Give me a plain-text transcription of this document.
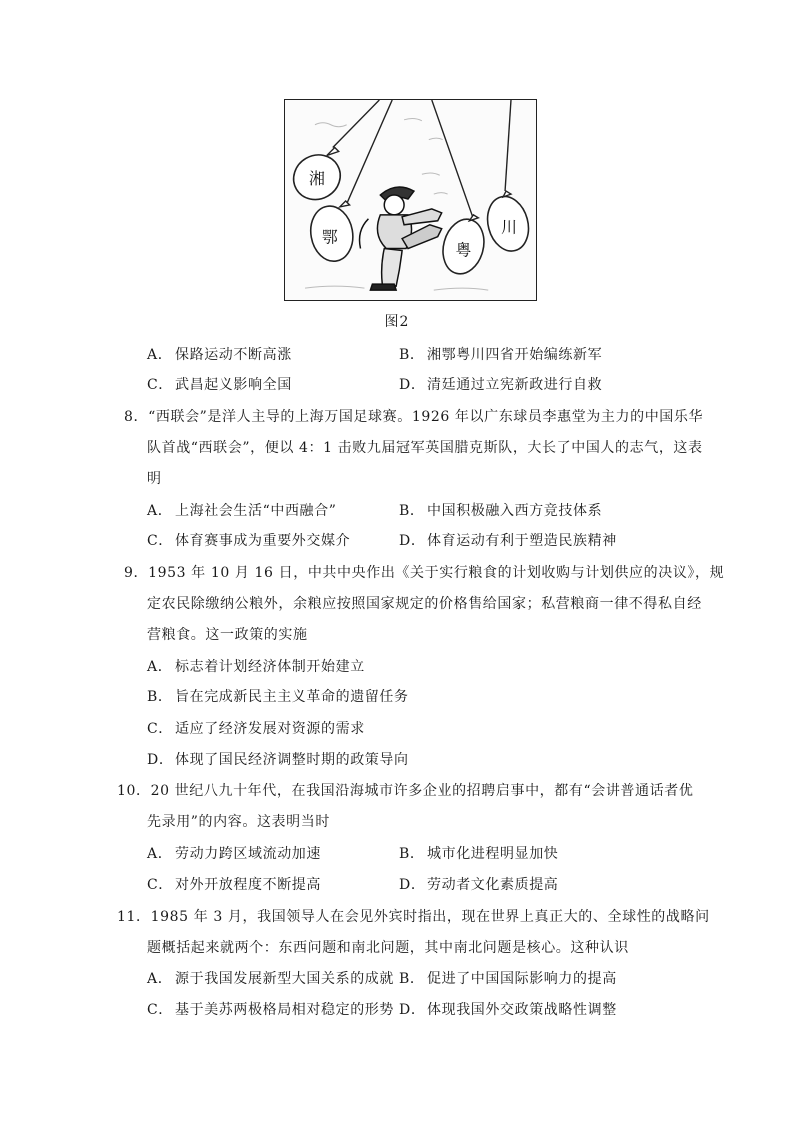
湘
鄂
粤
川
图2
A． 保路运动不断高涨	B． 湘鄂粤川四省开始编练新军
C． 武昌起义影响全国	D． 清廷通过立宪新政进行自救
8．“西联会”是洋人主导的上海万国足球赛。1926 年以广东球员李惠堂为主力的中国乐华
队首战“西联会”，便以 4：1 击败九届冠军英国腊克斯队，大长了中国人的志气，这表
明
A． 上海社会生活“中西融合”	B． 中国积极融入西方竞技体系
C． 体育赛事成为重要外交媒介	D． 体育运动有利于塑造民族精神
9．1953 年 10 月 16 日，中共中央作出《关于实行粮食的计划收购与计划供应的决议》，规
定农民除缴纳公粮外，余粮应按照国家规定的价格售给国家；私营粮商一律不得私自经
营粮食。这一政策的实施
A． 标志着计划经济体制开始建立
B． 旨在完成新民主主义革命的遗留任务
C． 适应了经济发展对资源的需求
D． 体现了国民经济调整时期的政策导向
10．20 世纪八九十年代，在我国沿海城市许多企业的招聘启事中，都有“会讲普通话者优
先录用”的内容。这表明当时
A． 劳动力跨区域流动加速	B． 城市化进程明显加快
C． 对外开放程度不断提高	D． 劳动者文化素质提高
11．1985 年 3 月，我国领导人在会见外宾时指出，现在世界上真正大的、全球性的战略问
题概括起来就两个：东西问题和南北问题，其中南北问题是核心。这种认识
A． 源于我国发展新型大国关系的成就 B． 促进了中国国际影响力的提高
C． 基于美苏两极格局相对稳定的形势 D． 体现我国外交政策战略性调整
